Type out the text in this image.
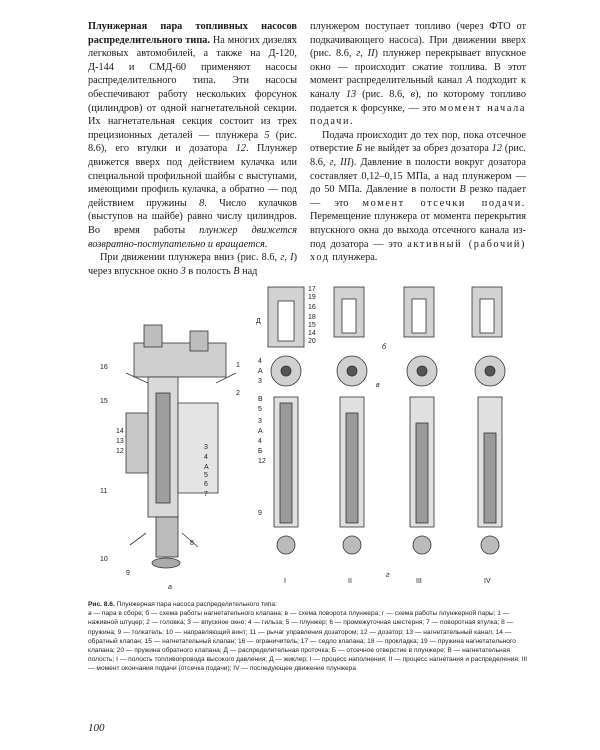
Плунжерная пара топливных насосов распределительного типа. На многих дизелях легковых автомобилей, а также на Д-120, Д-144 и СМД-60 применяют насосы распределительного типа. Эти насосы обеспечивают работу нескольких форсунок (цилиндров) от одной нагнетательной секции. Их нагнетательная секция состоит из трех прецизионных деталей — плунжера 5 (рис. 8.6), его втулки и дозатора 12. Плунжер движется вверх под действием кулачка или специальной профильной шайбы с выступами, имеющими профиль кулачка, а обратно — под действием пружины 8. Число кулачков (выступов на шайбе) равно числу цилиндров. Во время работы плунжер движется возвратно-поступательно и вращается.

При движении плунжера вниз (рис. 8.6, г, I) через впускное окно 3 в полость В над

плунжером поступает топливо (через ФТО от подкачивающего насоса). При движении вверх (рис. 8.6, г, II) плунжер перекрывает впускное окно — происходит сжатие топлива. В этот момент распределительный канал А подходит к каналу 13 (рис. 8.6, в), по которому топливо подается к форсунке, — это момент начала подачи.

Подача происходит до тех пор, пока отсечное отверстие Б не выйдет за обрез дозатора 12 (рис. 8.6, г, III). Давление в полости вокруг дозатора составляет 0,12–0,15 МПа, а над плунжером — до 50 МПа. Давление в полости В резко падает — это момент отсечки подачи. Перемещение плунжера от момента перекрытия впускного окна до выхода отсечного канала из-под дозатора — это активный (рабочий) ход плунжера.

16
15
14
13
12
11
10
1
2
3
4
А
5
6
7
8
9
а
17
19
16
18
15
14
20
Д
б
в
4
А
3
В
5
3
А
4
Б
12
9
I	II
г
III	IV

Рис. 8.6. Плунжерная пара насоса распределительного типа:

а — пара в сборе; б — схема работы нагнетательного клапана; в — схема поворота плунжера; г — схема работы плунжерной пары; 1 — наживной штуцер; 2 — головка; 3 — впускное окно; 4 — гильза; 5 — плунжер; 6 — промежуточная шестерня; 7 — поворотная втулка; 8 — пружина; 9 — толкатель; 10 — направляющий винт; 11 — рычаг управления дозатором; 12 — дозатор; 13 — нагнетательный канал; 14 — обратный клапан; 15 — нагнетательный клапан; 16 — ограничитель; 17 — седло клапана; 18 — прокладка; 19 — пружина нагнетательного клапана; 20 — пружина обратного клапана; Д — распределительная проточка; Б — отсечное отверстие в плунжере; В — нагнетательная полость; I — полость топливопровода высокого давления; Д — жиклер; I — процесс наполнения; II — процесс нагнетания и распределения; III — момент окончания подачи (отсечка подачи); IV — последующее движение плунжера

100
